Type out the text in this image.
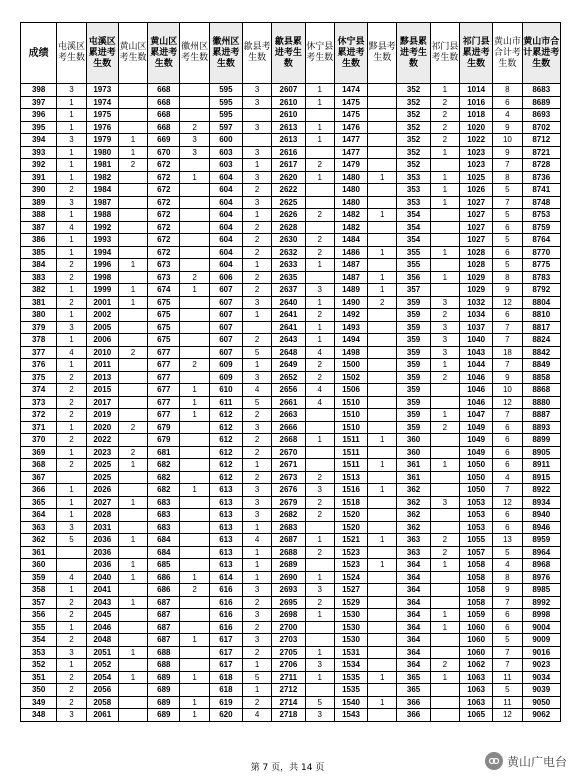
成绩	屯溪区考生数	屯溪区累进考生数	黄山区考生数	黄山区累进考生数	徽州区考生数	徽州区累进考生数	歙县考生数	歙县累进考生数	休宁县考生数	休宁县累进考生数	黟县考生数	黟县累进考生数	祁门县考生数	祁门县累进考生数	黄山市合计考生数	黄山市合计累进考生数
398	3	1973		668		595	3	2607	1	1474		352	1	1014	8	8683
397	1	1974		668		595	3	2610	1	1475		352	2	1016	6	8689
396	1	1975		668		595		2610		1475		352	2	1018	4	8693
395	1	1976		668	2	597	3	2613	1	1476		352	2	1020	9	8702
394	3	1979	1	669	3	600		2613	1	1477		352	2	1022	10	8712
393	1	1980	1	670	3	603	3	2616		1477		352	1	1023	9	8721
392	1	1981	2	672		603	1	2617	2	1479		352		1023	7	8728
391	1	1982		672	1	604	3	2620	1	1480	1	353	1	1025	8	8736
390	2	1984		672		604	2	2622		1480		353	1	1026	5	8741
389	3	1987		672		604	3	2625		1480		353	1	1027	7	8748
388	1	1988		672		604	1	2626	2	1482	1	354		1027	5	8753
387	4	1992		672		604	2	2628		1482		354		1027	6	8759
386	1	1993		672		604	2	2630	2	1484		354		1027	5	8764
385	1	1994		672		604	2	2632	2	1486	1	355	1	1028	6	8770
384	2	1996	1	673		604	1	2633	1	1487		355		1028	5	8775
383	2	1998		673	2	606	2	2635		1487	1	356	1	1029	8	8783
382	1	1999	1	674	1	607	2	2637	3	1489	1	357		1029	9	8792
381	2	2001	1	675		607	3	2640	1	1490	2	359	3	1032	12	8804
380	1	2002		675		607	1	2641	2	1492		359	2	1034	6	8810
379	3	2005		675		607		2641	1	1493		359	3	1037	7	8817
378	1	2006		675		607	2	2643	1	1494		359	3	1040	7	8824
377	4	2010	2	677		607	5	2648	4	1498		359	3	1043	18	8842
376	1	2011		677	2	609	1	2649	2	1500		359	1	1044	7	8849
375	2	2013		677		609	3	2652	2	1502		359	2	1046	9	8858
374	2	2015		677	1	610	4	2656	4	1506		359		1046	10	8868
373	2	2017		677	1	611	5	2661	4	1510		359		1046	12	8880
372	2	2019		677	1	612	2	2663		1510		359	1	1047	7	8887
371	1	2020	2	679		612	3	2666		1510		359	2	1049	6	8893
370	2	2022		679		612	2	2668	1	1511	1	360		1049	6	8899
369	1	2023	2	681		612	2	2670		1511		360		1049	6	8905
368	2	2025	1	682		612	1	2671		1511	1	361	1	1050	6	8911
367		2025		682		612	2	2673	2	1513		361		1050	4	8915
366	1	2026		682	1	613	3	2676	3	1516	1	362		1050	7	8922
365	1	2027	1	683		613	3	2679	2	1518		362	3	1053	12	8934
364	1	2028		683		613	3	2682	2	1520		362		1053	6	8940
363	3	2031		683		613	1	2683		1520		362		1053	6	8946
362	5	2036	1	684		613	4	2687	1	1521	1	363	2	1055	13	8959
361		2036		684		613	1	2688	2	1523		363	2	1057	5	8964
360		2036	1	685		613	1	2689		1523	1	364	1	1058	4	8968
359	4	2040	1	686	1	614	1	2690	1	1524		364		1058	8	8976
358	1	2041		686	2	616	3	2693	3	1527		364		1058	9	8985
357	2	2043	1	687		616	2	2695	2	1529		364		1058	7	8992
356	2	2045		687		616	3	2698	1	1530		364	1	1059	6	8998
355	1	2046		687		616	2	2700		1530		364	1	1060	6	9004
354	2	2048		687	1	617	3	2703		1530		364		1060	5	9009
353	3	2051	1	688		617	2	2705	1	1531		364		1060	7	9016
352	1	2052		688		617	1	2706	3	1534		364	2	1062	7	9023
351	2	2054	1	689	1	618	5	2711	1	1535	1	365	1	1063	11	9034
350	2	2056		689		618	1	2712		1535		365		1063	5	9039
349	2	2058		689	1	619	2	2714	5	1540	1	366		1063	11	9050
348	3	2061		689	1	620	4	2718	3	1543		366		1065	12	9062
第 7 页，共 14 页	黄山广电台
